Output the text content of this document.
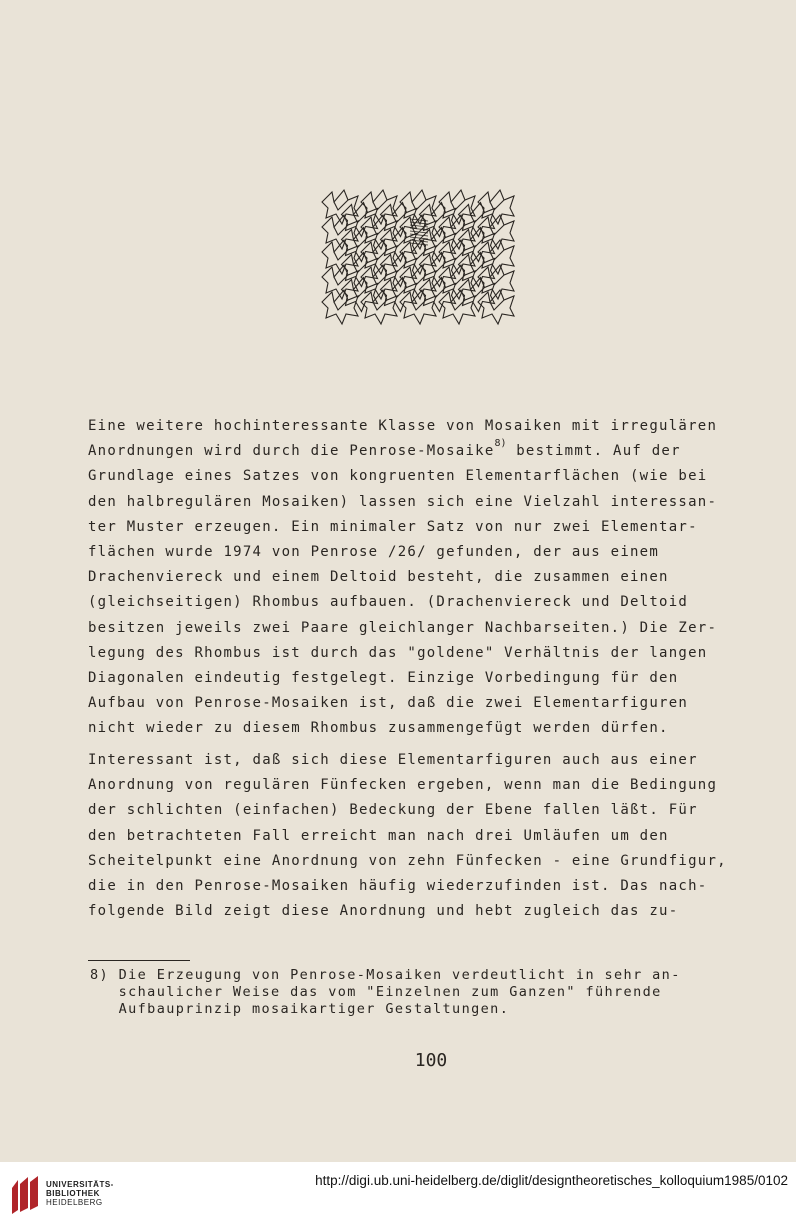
Eine weitere hochinteressante Klasse von Mosaiken mit irregulären
Anordnungen wird durch die Penrose-Mosaike$^{8)}$ bestimmt. Auf der
Grundlage eines Satzes von kongruenten Elementarflächen (wie bei
den halbregulären Mosaiken) lassen sich eine Vielzahl interessan-
ter Muster erzeugen. Ein minimaler Satz von nur zwei Elementar-
flächen wurde 1974 von Penrose /26/ gefunden, der aus einem
Drachenviereck und einem Deltoid besteht, die zusammen einen
(gleichseitigen) Rhombus aufbauen. (Drachenviereck und Deltoid
besitzen jeweils zwei Paare gleichlanger Nachbarseiten.) Die Zer-
legung des Rhombus ist durch das "goldene" Verhältnis der langen
Diagonalen eindeutig festgelegt. Einzige Vorbedingung für den
Aufbau von Penrose-Mosaiken ist, daß die zwei Elementarfiguren
nicht wieder zu diesem Rhombus zusammengefügt werden dürfen.
Interessant ist, daß sich diese Elementarfiguren auch aus einer
Anordnung von regulären Fünfecken ergeben, wenn man die Bedingung
der schlichten (einfachen) Bedeckung der Ebene fallen läßt. Für
den betrachteten Fall erreicht man nach drei Umläufen um den
Scheitelpunkt eine Anordnung von zehn Fünfecken - eine Grundfigur,
die in den Penrose-Mosaiken häufig wiederzufinden ist. Das nach-
folgende Bild zeigt diese Anordnung und hebt zugleich das zu-
8) Die Erzeugung von Penrose-Mosaiken verdeutlicht in sehr an-
schaulicher Weise das vom "Einzelnen zum Ganzen" führende
Aufbauprinzip mosaikartiger Gestaltungen.
100
UNIVERSITÄTS-
BIBLIOTHEK
HEIDELBERG
http://digi.ub.uni-heidelberg.de/diglit/designtheoretisches_kolloquium1985/0102
